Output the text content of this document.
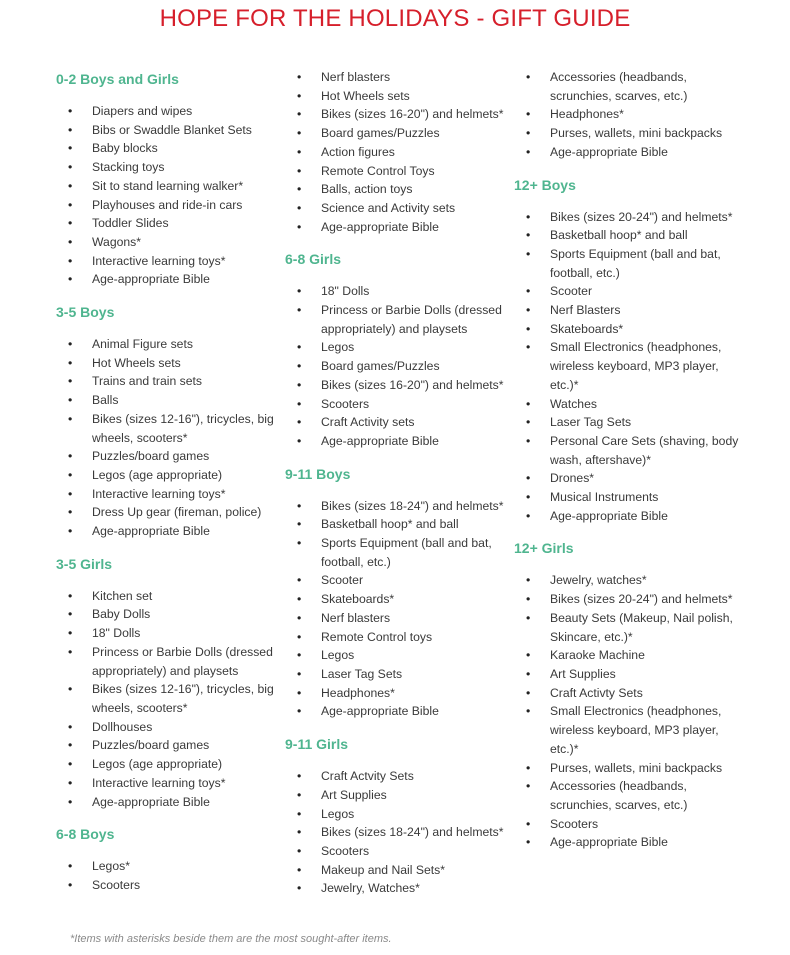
HOPE FOR THE HOLIDAYS - GIFT GUIDE
0-2 Boys and Girls
• Diapers and wipes
• Bibs or Swaddle Blanket Sets
• Baby blocks
• Stacking toys
• Sit to stand learning walker*
• Playhouses and ride-in cars
• Toddler Slides
• Wagons*
• Interactive learning toys*
• Age-appropriate Bible
3-5 Boys
• Animal Figure sets
• Hot Wheels sets
• Trains and train sets
• Balls
• Bikes (sizes 12-16"), tricycles, big wheels, scooters*
• Puzzles/board games
• Legos (age appropriate)
• Interactive learning toys*
• Dress Up gear (fireman, police)
• Age-appropriate Bible
3-5 Girls
• Kitchen set
• Baby Dolls
• 18" Dolls
• Princess or Barbie Dolls (dressed appropriately) and playsets
• Bikes (sizes 12-16"), tricycles, big wheels, scooters*
• Dollhouses
• Puzzles/board games
• Legos (age appropriate)
• Interactive learning toys*
• Age-appropriate Bible
6-8 Boys
• Legos*
• Scooters
• Nerf blasters
• Hot Wheels sets
• Bikes (sizes 16-20") and helmets*
• Board games/Puzzles
• Action figures
• Remote Control Toys
• Balls, action toys
• Science and Activity sets
• Age-appropriate Bible
6-8 Girls
• 18" Dolls
• Princess or Barbie Dolls (dressed appropriately) and playsets
• Legos
• Board games/Puzzles
• Bikes (sizes 16-20") and helmets*
• Scooters
• Craft Activity sets
• Age-appropriate Bible
9-11 Boys
• Bikes (sizes 18-24") and helmets*
• Basketball hoop* and ball
• Sports Equipment (ball and bat, football, etc.)
• Scooter
• Skateboards*
• Nerf blasters
• Remote Control toys
• Legos
• Laser Tag Sets
• Headphones*
• Age-appropriate Bible
9-11 Girls
• Craft Actvity Sets
• Art Supplies
• Legos
• Bikes (sizes 18-24") and helmets*
• Scooters
• Makeup and Nail Sets*
• Jewelry, Watches*
• Accessories (headbands, scrunchies, scarves, etc.)
• Headphones*
• Purses, wallets, mini backpacks
• Age-appropriate Bible
12+ Boys
• Bikes (sizes 20-24") and helmets*
• Basketball hoop* and ball
• Sports Equipment (ball and bat, football, etc.)
• Scooter
• Nerf Blasters
• Skateboards*
• Small Electronics (headphones, wireless keyboard, MP3 player, etc.)*
• Watches
• Laser Tag Sets
• Personal Care Sets (shaving, body wash, aftershave)*
• Drones*
• Musical Instruments
• Age-appropriate Bible
12+ Girls
• Jewelry, watches*
• Bikes (sizes 20-24") and helmets*
• Beauty Sets (Makeup, Nail polish, Skincare, etc.)*
• Karaoke Machine
• Art Supplies
• Craft Activty Sets
• Small Electronics (headphones, wireless keyboard, MP3 player, etc.)*
• Purses, wallets, mini backpacks
• Accessories (headbands, scrunchies, scarves, etc.)
• Scooters
• Age-appropriate Bible
*Items with asterisks beside them are the most sought-after items.
